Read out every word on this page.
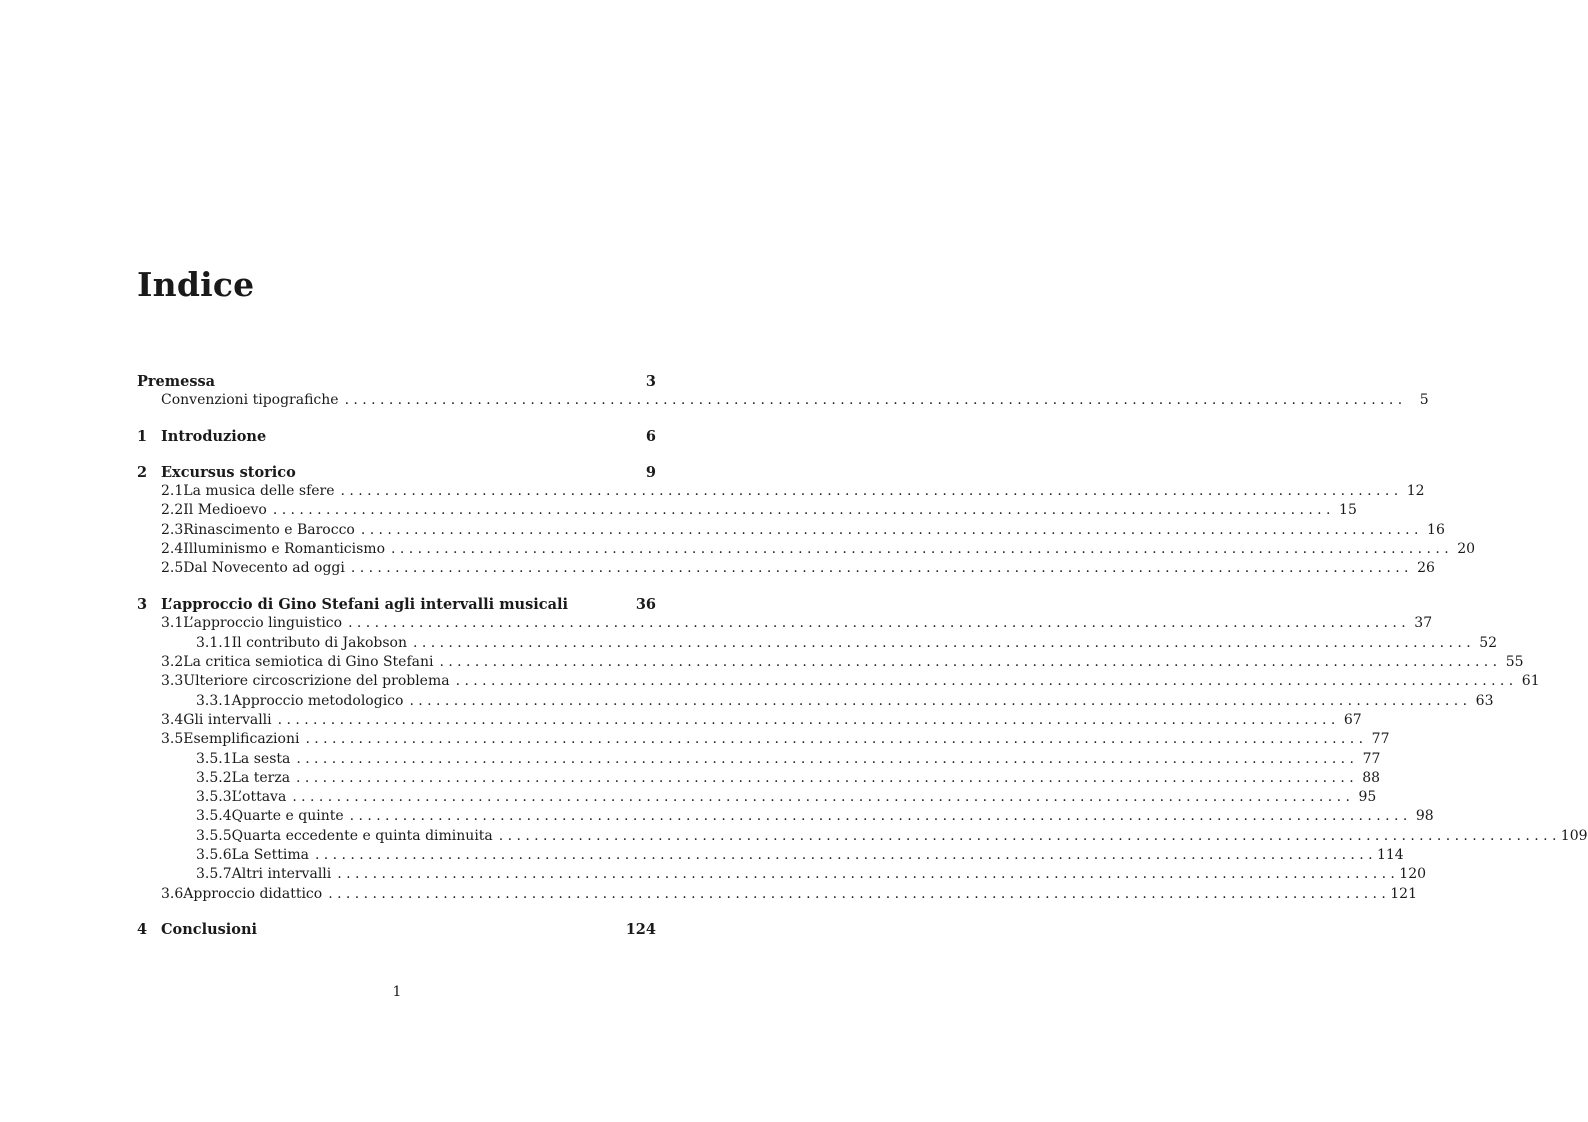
Indice
Premessa	3
Convenzioni tipografiche ........................................................................................................................ 5
1 Introduzione	6
2 Excursus storico	9
2.1 La musica delle sfere ........................................................................................................................ 12
2.2 Il Medioevo ........................................................................................................................ 15
2.3 Rinascimento e Barocco ........................................................................................................................ 16
2.4 Illuminismo e Romanticismo ........................................................................................................................ 20
2.5 Dal Novecento ad oggi ........................................................................................................................ 26
3 L’approccio di Gino Stefani agli intervalli musicali	36
3.1 L’approccio linguistico ........................................................................................................................ 37
3.1.1 Il contributo di Jakobson ........................................................................................................................ 52
3.2 La critica semiotica di Gino Stefani ........................................................................................................................ 55
3.3 Ulteriore circoscrizione del problema ........................................................................................................................ 61
3.3.1 Approccio metodologico ........................................................................................................................ 63
3.4 Gli intervalli ........................................................................................................................ 67
3.5 Esemplificazioni ........................................................................................................................ 77
3.5.1 La sesta ........................................................................................................................ 77
3.5.2 La terza ........................................................................................................................ 88
3.5.3 L’ottava ........................................................................................................................ 95
3.5.4 Quarte e quinte ........................................................................................................................ 98
3.5.5 Quarta eccedente e quinta diminuita ........................................................................................................................ 109
3.5.6 La Settima ........................................................................................................................ 114
3.5.7 Altri intervalli ........................................................................................................................ 120
3.6 Approccio didattico ........................................................................................................................ 121
4 Conclusioni	124

1
